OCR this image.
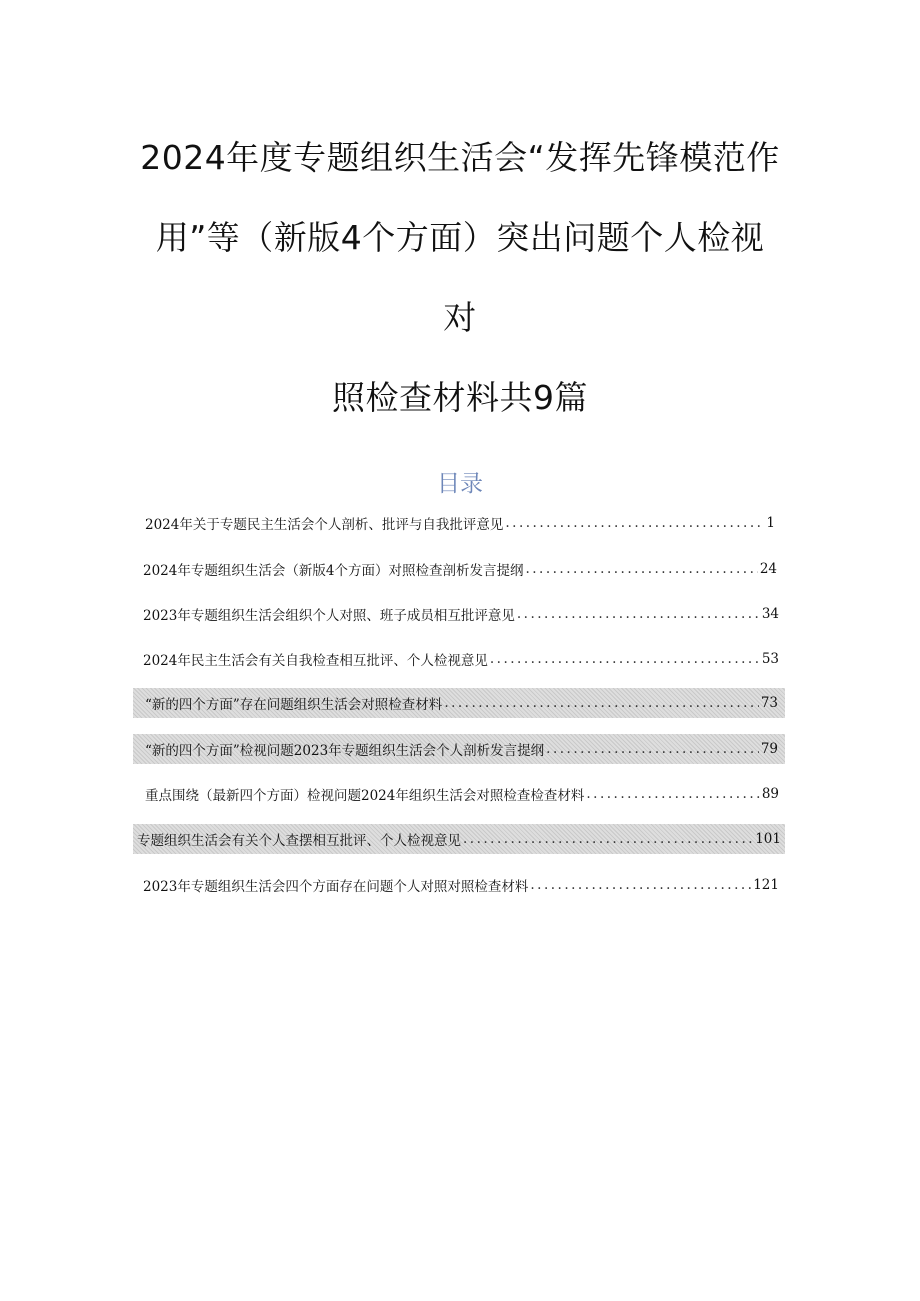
2024年度专题组织生活会“发挥先锋模范作
用”等（新版4个方面）突出问题个人检视
对
照检查材料共9篇
目录
2024年关于专题民主生活会个人剖析、批评与自我批评意见 .....	1
2024年专题组织生活会（新版4个方面）对照检查剖析发言提纲 .....	24
2023年专题组织生活会组织个人对照、班子成员相互批评意见 .....	34
2024年民主生活会有关自我检查相互批评、个人检视意见 .....	53
“新的四个方面”存在问题组织生活会对照检查材料 .....	73
“新的四个方面”检视问题2023年专题组织生活会个人剖析发言提纲 .....	79
重点围绕（最新四个方面）检视问题2024年组织生活会对照检查检查材料 .....	89
专题组织生活会有关个人查摆相互批评、个人检视意见 .....	101
2023年专题组织生活会四个方面存在问题个人对照对照检查材料 .....	121
